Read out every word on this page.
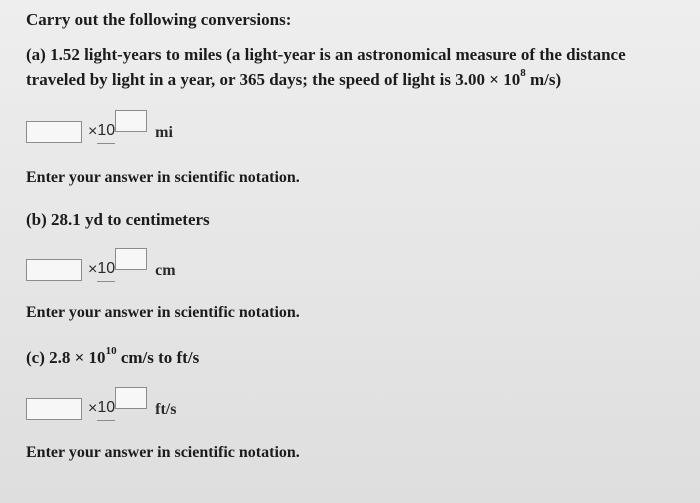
Carry out the following conversions:
(a) 1.52 light-years to miles (a light-year is an astronomical measure of the distance
traveled by light in a year, or 365 days; the speed of light is $3.00 \times 10^8$ m/s)
× 10	mi
Enter your answer in scientific notation.
(b) 28.1 yd to centimeters
× 10	cm
Enter your answer in scientific notation.
(c) $2.8 \times 10^{10}$ cm/s to ft/s
× 10	ft/s
Enter your answer in scientific notation.
